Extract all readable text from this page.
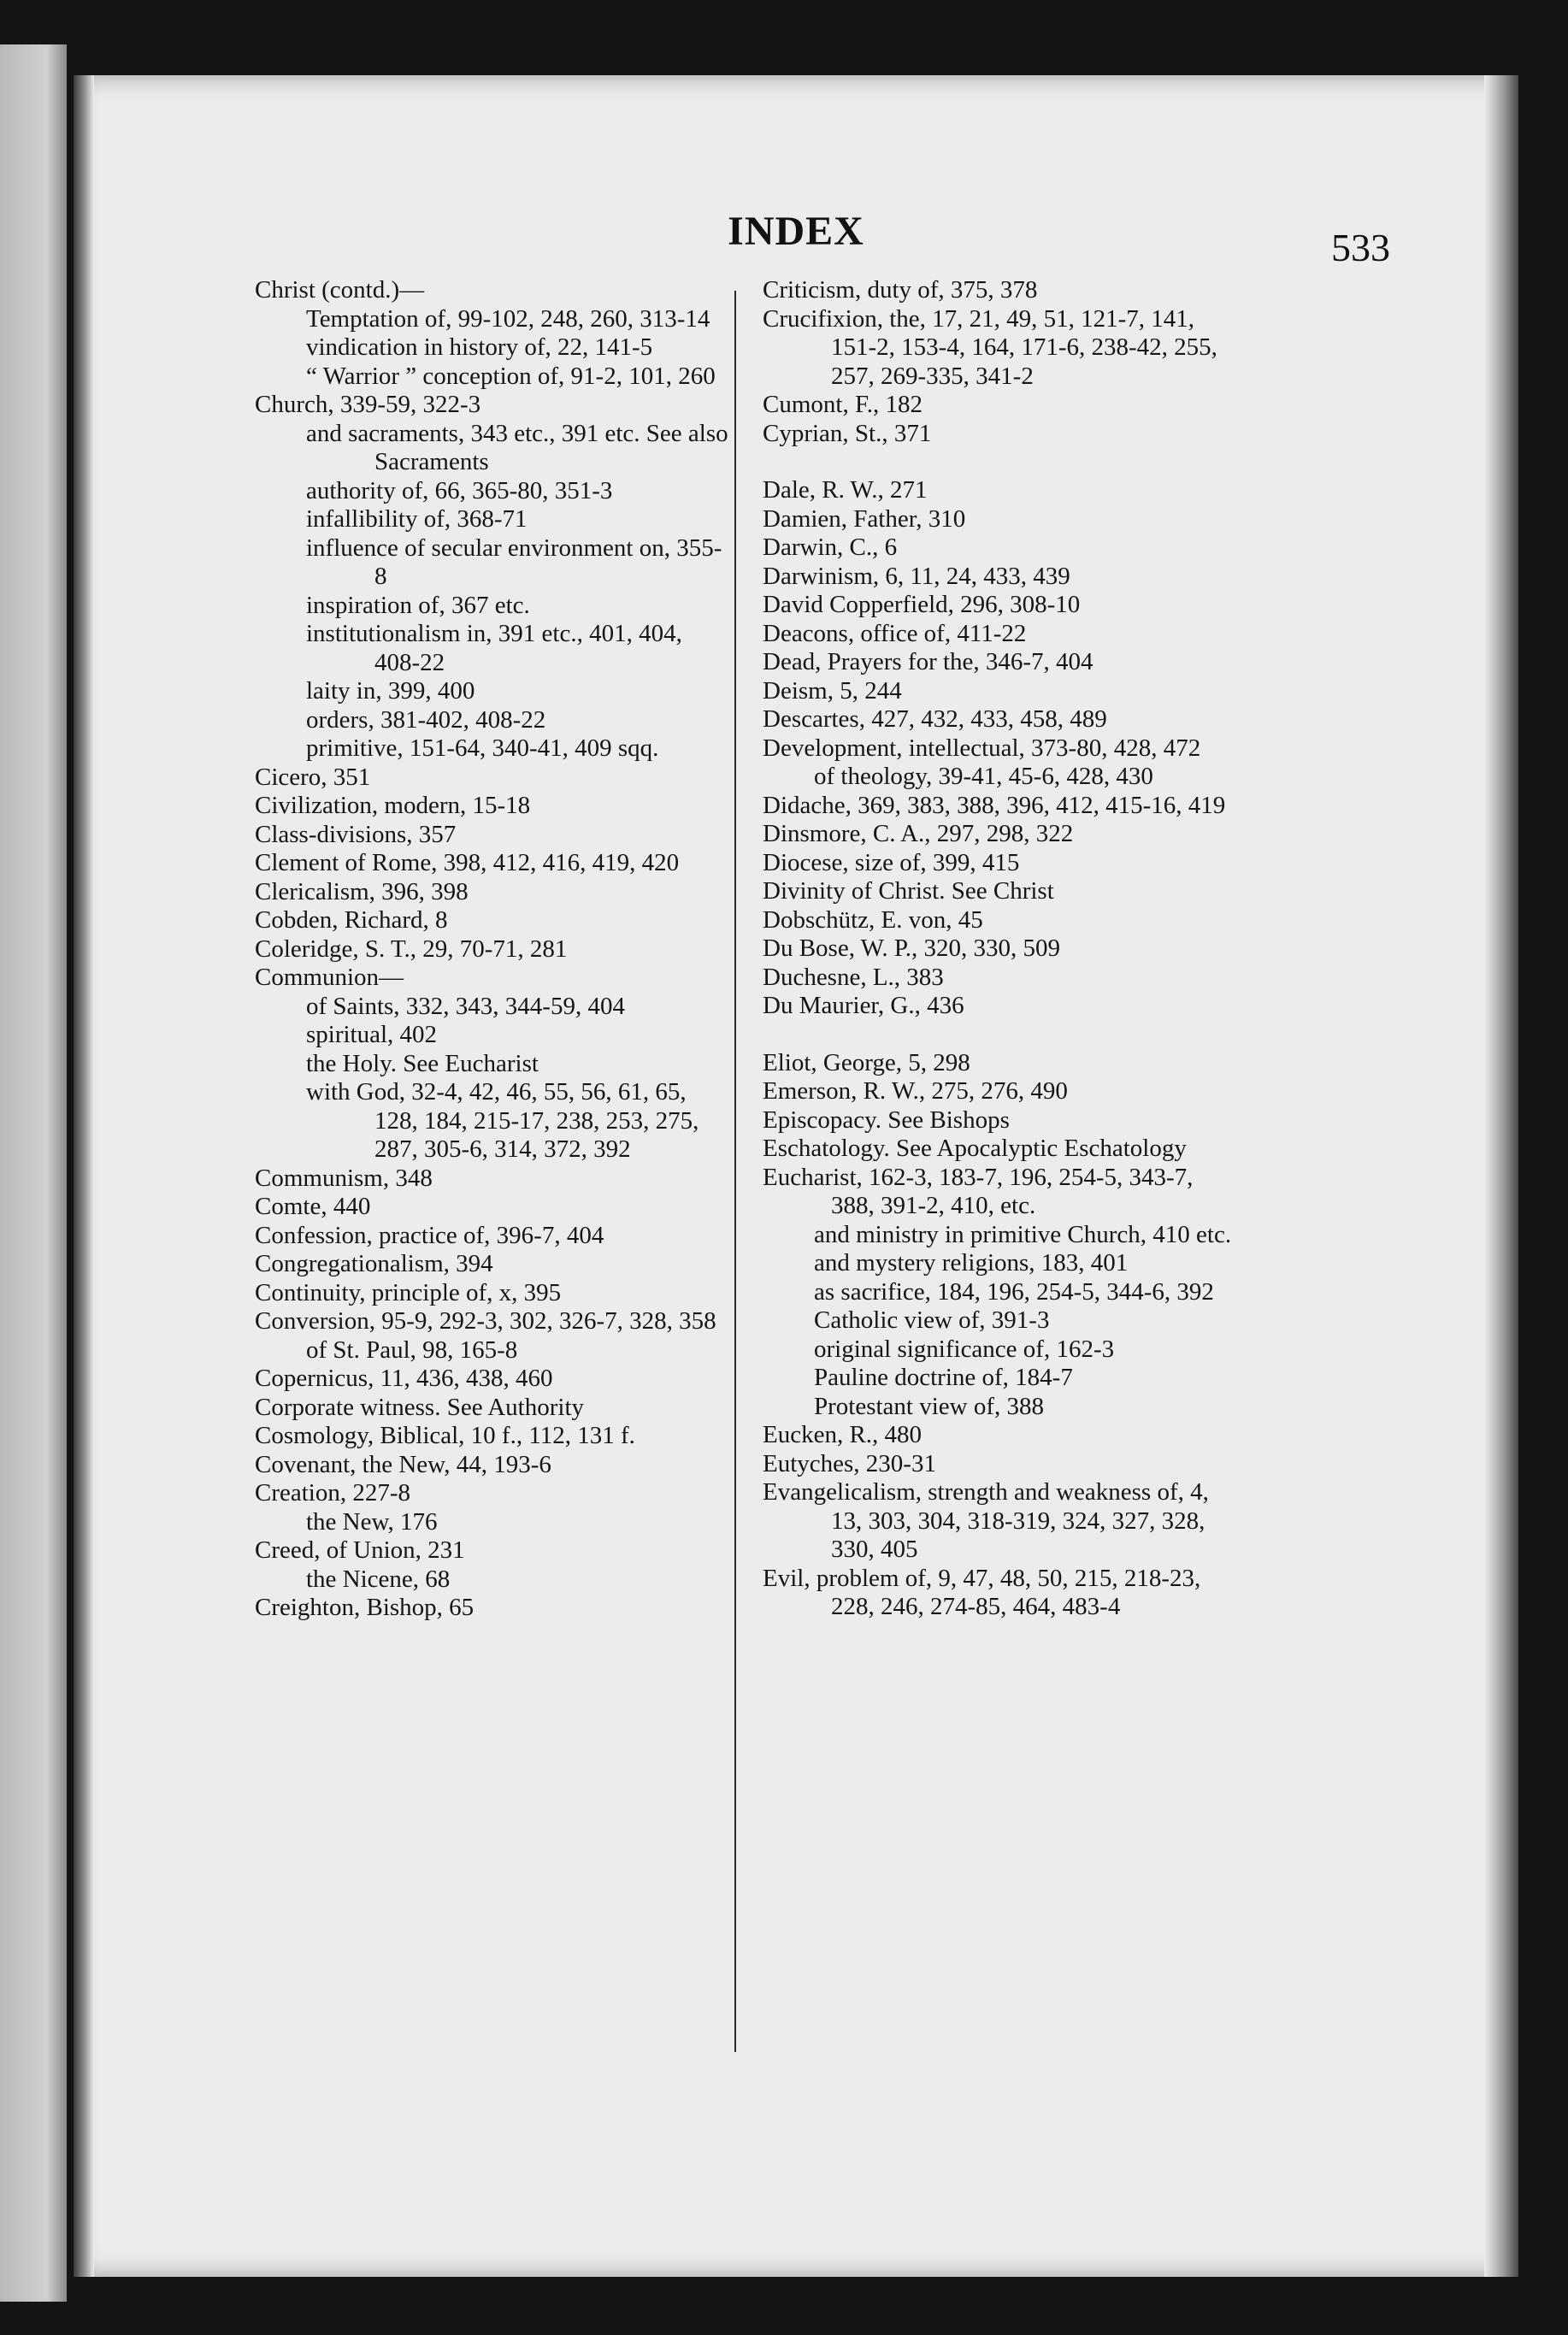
INDEX	533
Christ (contd.)—
Temptation of, 99-102, 248, 260, 313-14
vindication in history of, 22, 141-5
“ Warrior ” conception of, 91-2, 101, 260
Church, 339-59, 322-3
and sacraments, 343 etc., 391 etc. See also Sacraments
authority of, 66, 365-80, 351-3
infallibility of, 368-71
influence of secular environment on, 355-8
inspiration of, 367 etc.
institutionalism in, 391 etc., 401, 404, 408-22
laity in, 399, 400
orders, 381-402, 408-22
primitive, 151-64, 340-41, 409 sqq.
Cicero, 351
Civilization, modern, 15-18
Class-divisions, 357
Clement of Rome, 398, 412, 416, 419, 420
Clericalism, 396, 398
Cobden, Richard, 8
Coleridge, S. T., 29, 70-71, 281
Communion—
of Saints, 332, 343, 344-59, 404
spiritual, 402
the Holy. See Eucharist
with God, 32-4, 42, 46, 55, 56, 61, 65, 128, 184, 215-17, 238, 253, 275, 287, 305-6, 314, 372, 392
Communism, 348
Comte, 440
Confession, practice of, 396-7, 404
Congregationalism, 394
Continuity, principle of, x, 395
Conversion, 95-9, 292-3, 302, 326-7, 328, 358
of St. Paul, 98, 165-8
Copernicus, 11, 436, 438, 460
Corporate witness. See Authority
Cosmology, Biblical, 10 f., 112, 131 f.
Covenant, the New, 44, 193-6
Creation, 227-8
the New, 176
Creed, of Union, 231
the Nicene, 68
Creighton, Bishop, 65
Criticism, duty of, 375, 378
Crucifixion, the, 17, 21, 49, 51, 121-7, 141, 151-2, 153-4, 164, 171-6, 238-42, 255, 257, 269-335, 341-2
Cumont, F., 182
Cyprian, St., 371
Dale, R. W., 271
Damien, Father, 310
Darwin, C., 6
Darwinism, 6, 11, 24, 433, 439
David Copperfield, 296, 308-10
Deacons, office of, 411-22
Dead, Prayers for the, 346-7, 404
Deism, 5, 244
Descartes, 427, 432, 433, 458, 489
Development, intellectual, 373-80, 428, 472
of theology, 39-41, 45-6, 428, 430
Didache, 369, 383, 388, 396, 412, 415-16, 419
Dinsmore, C. A., 297, 298, 322
Diocese, size of, 399, 415
Divinity of Christ. See Christ
Dobschütz, E. von, 45
Du Bose, W. P., 320, 330, 509
Duchesne, L., 383
Du Maurier, G., 436
Eliot, George, 5, 298
Emerson, R. W., 275, 276, 490
Episcopacy. See Bishops
Eschatology. See Apocalyptic Eschatology
Eucharist, 162-3, 183-7, 196, 254-5, 343-7, 388, 391-2, 410, etc.
and ministry in primitive Church, 410 etc.
and mystery religions, 183, 401
as sacrifice, 184, 196, 254-5, 344-6, 392
Catholic view of, 391-3
original significance of, 162-3
Pauline doctrine of, 184-7
Protestant view of, 388
Eucken, R., 480
Eutyches, 230-31
Evangelicalism, strength and weakness of, 4, 13, 303, 304, 318-319, 324, 327, 328, 330, 405
Evil, problem of, 9, 47, 48, 50, 215, 218-23, 228, 246, 274-85, 464, 483-4
